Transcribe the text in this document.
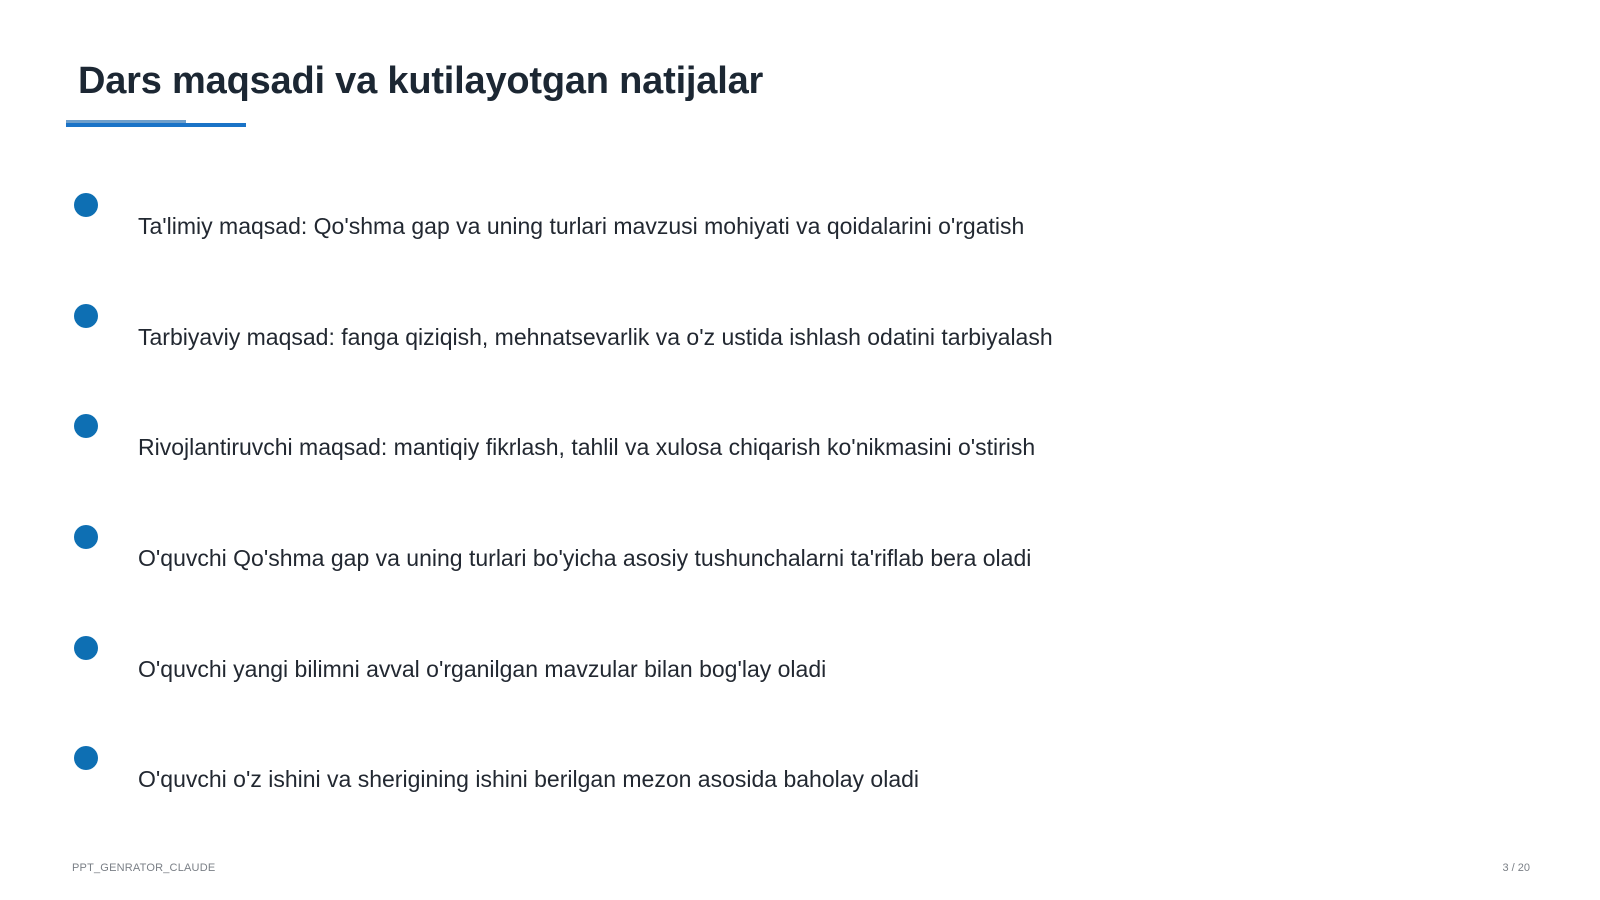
Dars maqsadi va kutilayotgan natijalar
Ta'limiy maqsad: Qo'shma gap va uning turlari mavzusi mohiyati va qoidalarini o'rgatish
Tarbiyaviy maqsad: fanga qiziqish, mehnatsevarlik va o'z ustida ishlash odatini tarbiyalash
Rivojlantiruvchi maqsad: mantiqiy fikrlash, tahlil va xulosa chiqarish ko'nikmasini o'stirish
O'quvchi Qo'shma gap va uning turlari bo'yicha asosiy tushunchalarni ta'riflab bera oladi
O'quvchi yangi bilimni avval o'rganilgan mavzular bilan bog'lay oladi
O'quvchi o'z ishini va sherigining ishini berilgan mezon asosida baholay oladi
PPT_GENRATOR_CLAUDE	3 / 20
